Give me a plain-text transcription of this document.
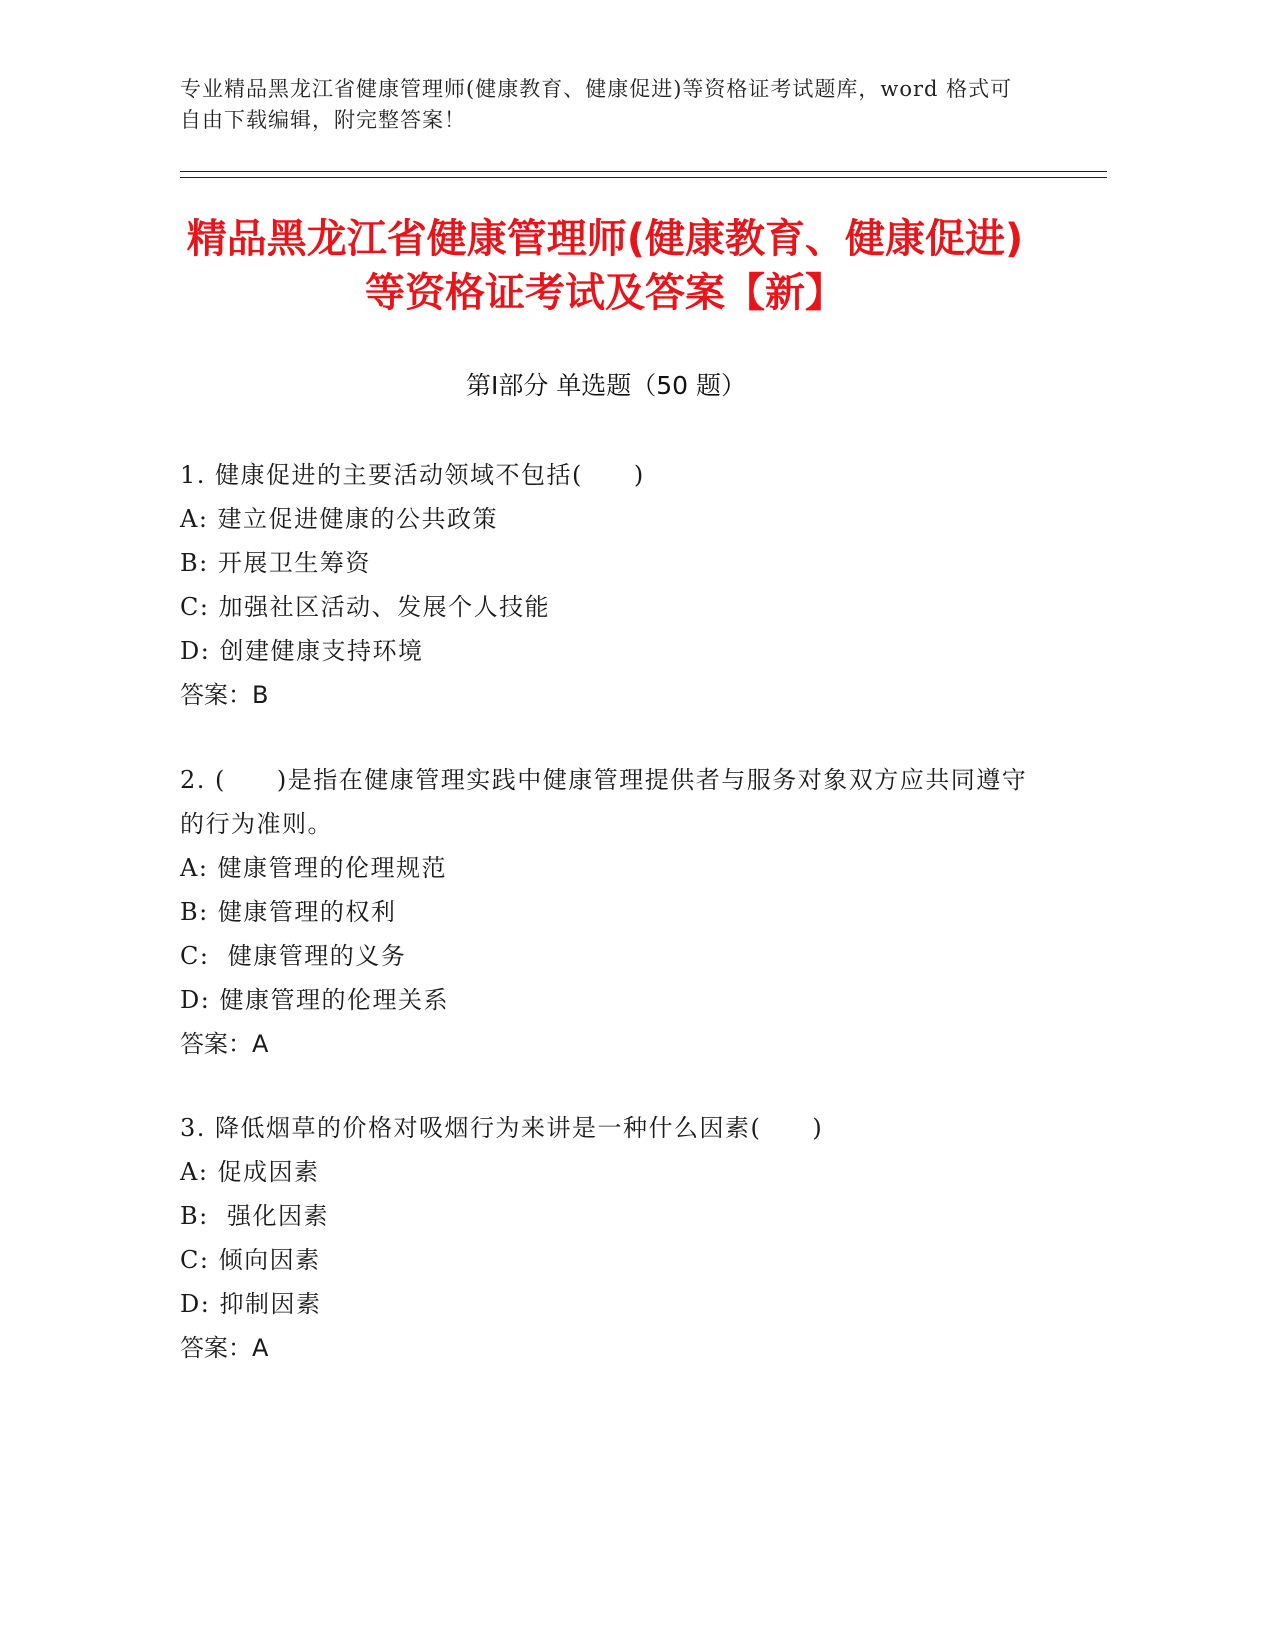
专业精品黑龙江省健康管理师(健康教育、健康促进)等资格证考试题库，word 格式可自由下载编辑，附完整答案！
精品黑龙江省健康管理师(健康教育、健康促进)等资格证考试及答案【新】
第Ⅰ部分 单选题（50 题）
1. 健康促进的主要活动领域不包括(　　)
A: 建立促进健康的公共政策
B: 开展卫生筹资
C: 加强社区活动、发展个人技能
D: 创建健康支持环境
答案：B
2. (　　)是指在健康管理实践中健康管理提供者与服务对象双方应共同遵守的行为准则。
A: 健康管理的伦理规范
B: 健康管理的权利
C:  健康管理的义务
D: 健康管理的伦理关系
答案：A
3. 降低烟草的价格对吸烟行为来讲是一种什么因素(　　)
A: 促成因素
B:  强化因素
C: 倾向因素
D: 抑制因素
答案：A
